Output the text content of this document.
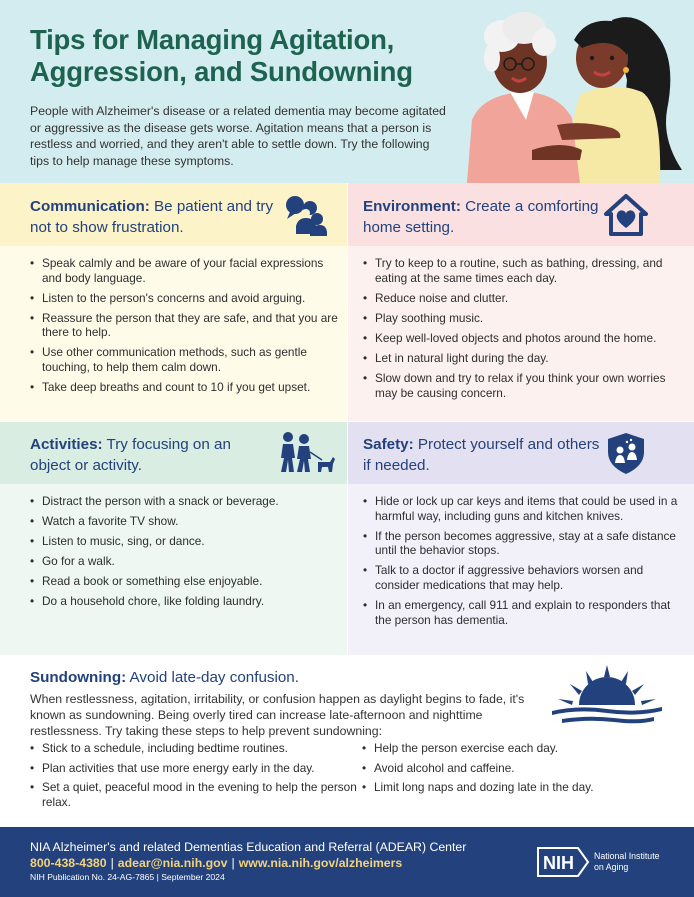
Tips for Managing Agitation, Aggression, and Sundowning

People with Alzheimer's disease or a related dementia may become agitated or aggressive as the disease gets worse. Agitation means that a person is restless and worried, and they aren't able to settle down. Try the following tips to help manage these symptoms.

Communication: Be patient and try not to show frustration.
• Speak calmly and be aware of your facial expressions and body language.
• Listen to the person's concerns and avoid arguing.
• Reassure the person that they are safe, and that you are there to help.
• Use other communication methods, such as gentle touching, to help them calm down.
• Take deep breaths and count to 10 if you get upset.
Environment: Create a comforting home setting.
• Try to keep to a routine, such as bathing, dressing, and eating at the same times each day.
• Reduce noise and clutter.
• Play soothing music.
• Keep well-loved objects and photos around the home.
• Let in natural light during the day.
• Slow down and try to relax if you think your own worries may be causing concern.
Activities: Try focusing on an object or activity.
• Distract the person with a snack or beverage.
• Watch a favorite TV show.
• Listen to music, sing, or dance.
• Go for a walk.
• Read a book or something else enjoyable.
• Do a household chore, like folding laundry.
Safety: Protect yourself and others if needed.
• Hide or lock up car keys and items that could be used in a harmful way, including guns and kitchen knives.
• If the person becomes aggressive, stay at a safe distance until the behavior stops.
• Talk to a doctor if aggressive behaviors worsen and consider medications that may help.
• In an emergency, call 911 and explain to responders that the person has dementia.
Sundowning: Avoid late-day confusion.

When restlessness, agitation, irritability, or confusion happen as daylight begins to fade, it's known as sundowning. Being overly tired can increase late-afternoon and nighttime restlessness. Try taking these steps to help prevent sundowning:

• Stick to a schedule, including bedtime routines.
• Plan activities that use more energy early in the day.
• Set a quiet, peaceful mood in the evening to help the person relax.
• Help the person exercise each day.
• Avoid alcohol and caffeine.
• Limit long naps and dozing late in the day.
NIA Alzheimer's and related Dementias Education and Referral (ADEAR) Center
800-438-4380 | adear@nia.nih.gov | www.nia.nih.gov/alzheimers
NIH Publication No. 24-AG-7865 | September 2024
NIH National Institute
on Aging
